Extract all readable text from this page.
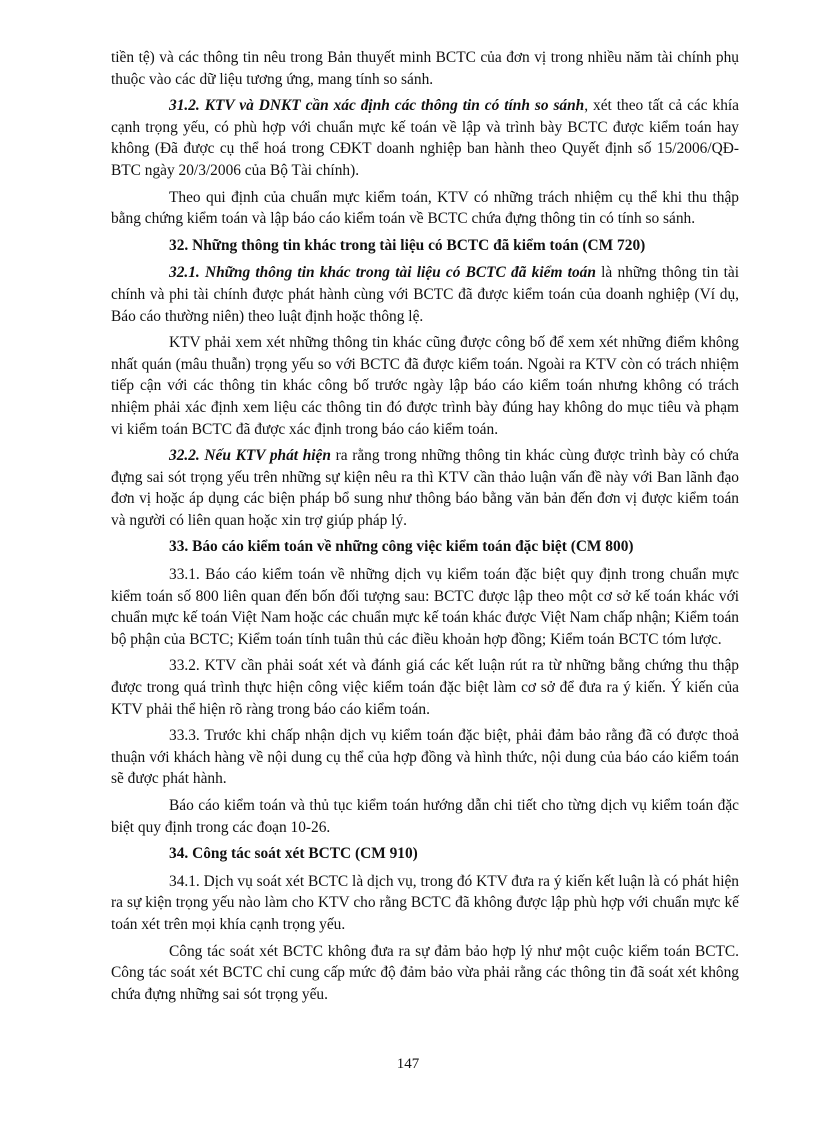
tiền tệ) và các thông tin nêu trong Bản thuyết minh BCTC của đơn vị trong nhiều năm tài chính phụ thuộc vào các dữ liệu tương ứng, mang tính so sánh.

31.2. KTV và DNKT cần xác định các thông tin có tính so sánh, xét theo tất cả các khía cạnh trọng yếu, có phù hợp với chuẩn mực kế toán về lập và trình bày BCTC được kiểm toán hay không (Đã được cụ thể hoá trong CĐKT doanh nghiệp ban hành theo Quyết định số 15/2006/QĐ-BTC ngày 20/3/2006 của Bộ Tài chính).

Theo qui định của chuẩn mực kiểm toán, KTV có những trách nhiệm cụ thể khi thu thập bằng chứng kiểm toán và lập báo cáo kiểm toán về BCTC chứa đựng thông tin có tính so sánh.

32. Những thông tin khác trong tài liệu có BCTC đã kiểm toán (CM 720)

32.1. Những thông tin khác trong tài liệu có BCTC đã kiểm toán là những thông tin tài chính và phi tài chính được phát hành cùng với BCTC đã được kiểm toán của doanh nghiệp (Ví dụ, Báo cáo thường niên) theo luật định hoặc thông lệ.

KTV phải xem xét những thông tin khác cũng được công bố để xem xét những điểm không nhất quán (mâu thuẫn) trọng yếu so với BCTC đã được kiểm toán. Ngoài ra KTV còn có trách nhiệm tiếp cận với các thông tin khác công bố trước ngày lập báo cáo kiểm toán nhưng không có trách nhiệm phải xác định xem liệu các thông tin đó được trình bày đúng hay không do mục tiêu và phạm vi kiểm toán BCTC đã được xác định trong báo cáo kiểm toán.

32.2. Nếu KTV phát hiện ra rằng trong những thông tin khác cùng được trình bày có chứa đựng sai sót trọng yếu trên những sự kiện nêu ra thì KTV cần thảo luận vấn đề này với Ban lãnh đạo đơn vị hoặc áp dụng các biện pháp bổ sung như thông báo bằng văn bản đến đơn vị được kiểm toán và người có liên quan hoặc xin trợ giúp pháp lý.

33. Báo cáo kiểm toán về những công việc kiểm toán đặc biệt (CM 800)

33.1. Báo cáo kiểm toán về những dịch vụ kiểm toán đặc biệt quy định trong chuẩn mực kiểm toán số 800 liên quan đến bốn đối tượng sau: BCTC được lập theo một cơ sở kế toán khác với chuẩn mực kế toán Việt Nam hoặc các chuẩn mực kế toán khác được Việt Nam chấp nhận; Kiểm toán bộ phận của BCTC; Kiểm toán tính tuân thủ các điều khoản hợp đồng; Kiểm toán BCTC tóm lược.

33.2. KTV cần phải soát xét và đánh giá các kết luận rút ra từ những bằng chứng thu thập được trong quá trình thực hiện công việc kiểm toán đặc biệt làm cơ sở để đưa ra ý kiến. Ý kiến của KTV phải thể hiện rõ ràng trong báo cáo kiểm toán.

33.3. Trước khi chấp nhận dịch vụ kiểm toán đặc biệt, phải đảm bảo rằng đã có được thoả thuận với khách hàng về nội dung cụ thể của hợp đồng và hình thức, nội dung của báo cáo kiểm toán sẽ được phát hành.

Báo cáo kiểm toán và thủ tục kiểm toán hướng dẫn chi tiết cho từng dịch vụ kiểm toán đặc biệt quy định trong các đoạn 10-26.

34. Công tác soát xét BCTC (CM 910)

34.1. Dịch vụ soát xét BCTC là dịch vụ, trong đó KTV đưa ra ý kiến kết luận là có phát hiện ra sự kiện trọng yếu nào làm cho KTV cho rằng BCTC đã không được lập phù hợp với chuẩn mực kế toán xét trên mọi khía cạnh trọng yếu.

Công tác soát xét BCTC không đưa ra sự đảm bảo hợp lý như một cuộc kiểm toán BCTC. Công tác soát xét BCTC chỉ cung cấp mức độ đảm bảo vừa phải rằng các thông tin đã soát xét không chứa đựng những sai sót trọng yếu.

147
